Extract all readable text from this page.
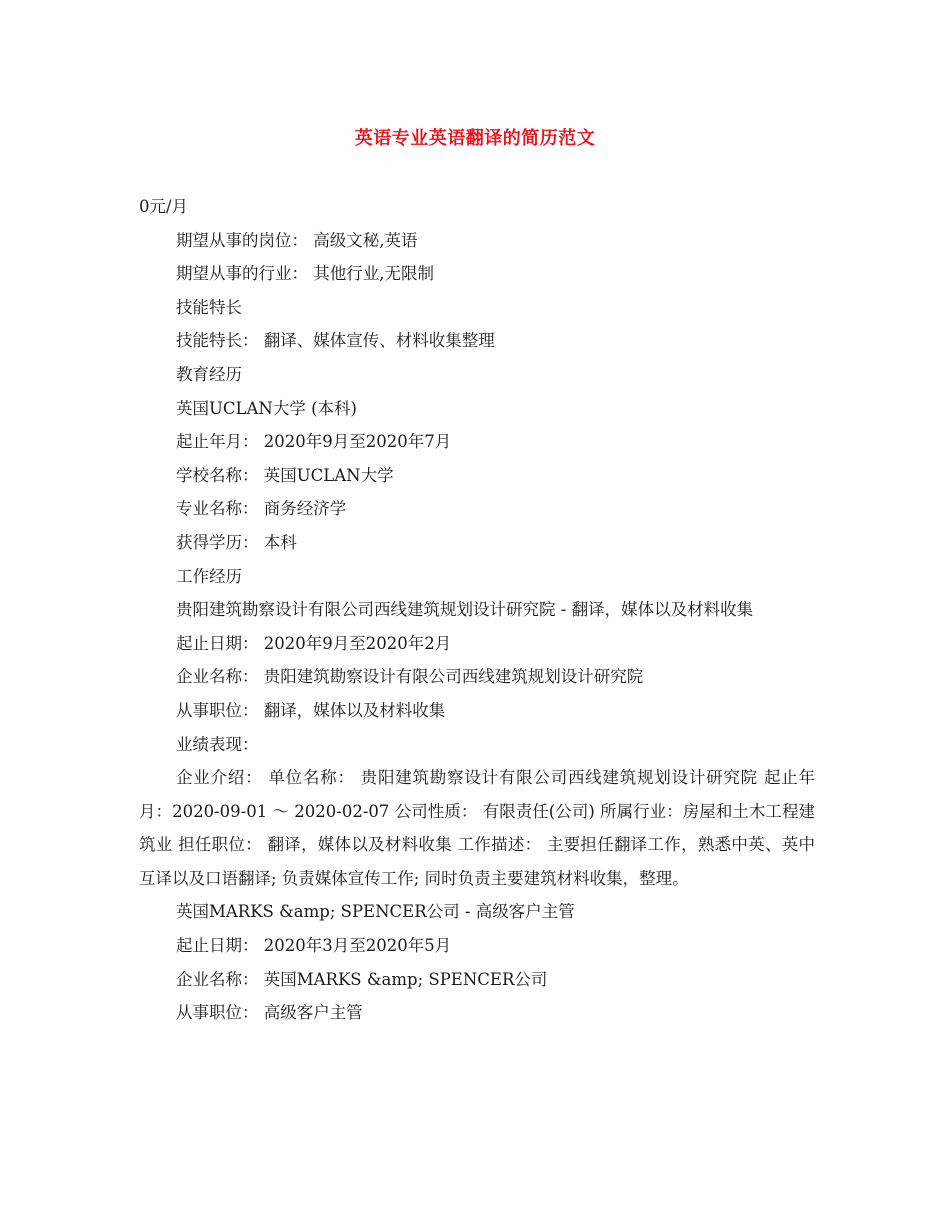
英语专业英语翻译的简历范文

0元/月

期望从事的岗位： 高级文秘,英语

期望从事的行业： 其他行业,无限制

技能特长

技能特长： 翻译、媒体宣传、材料收集整理

教育经历

英国UCLAN大学 (本科)

起止年月： 2020年9月至2020年7月

学校名称： 英国UCLAN大学

专业名称： 商务经济学

获得学历： 本科

工作经历

贵阳建筑勘察设计有限公司西线建筑规划设计研究院 - 翻译，媒体以及材料收集

起止日期： 2020年9月至2020年2月

企业名称： 贵阳建筑勘察设计有限公司西线建筑规划设计研究院

从事职位： 翻译，媒体以及材料收集

业绩表现：

企业介绍： 单位名称： 贵阳建筑勘察设计有限公司西线建筑规划设计研究院 起止年月：2020-09-01 ～ 2020-02-07 公司性质： 有限责任(公司) 所属行业：房屋和土木工程建筑业 担任职位： 翻译，媒体以及材料收集 工作描述： 主要担任翻译工作，熟悉中英、英中互译以及口语翻译; 负责媒体宣传工作; 同时负责主要建筑材料收集，整理。

英国MARKS &amp; SPENCER公司 - 高级客户主管

起止日期： 2020年3月至2020年5月

企业名称： 英国MARKS &amp; SPENCER公司

从事职位： 高级客户主管
